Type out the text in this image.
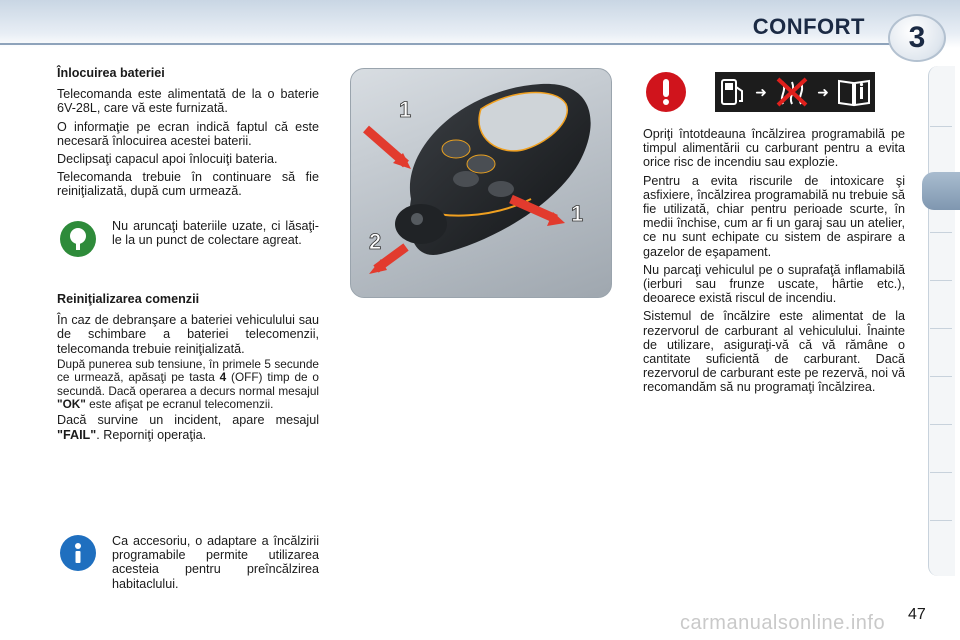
CONFORT	3

Înlocuirea bateriei

Telecomanda este alimentată de la o baterie 6V-28L, care vă este furnizată.

O informaţie pe ecran indică faptul că este necesară înlocuirea acestei baterii.

Declipsaţi capacul apoi înlocuiţi bateria.

Telecomanda trebuie în continuare să fie reiniţializată, după cum urmează.

Nu aruncaţi bateriile uzate, ci lăsaţi-le la un punct de colectare agreat.

Reiniţializarea comenzii

În caz de debranşare a bateriei vehiculului sau de schimbare a bateriei telecomenzii, telecomanda trebuie reiniţializată.

După punerea sub tensiune, în primele 5 secunde ce urmează, apăsaţi pe tasta 4 (OFF) timp de o secundă. Dacă operarea a decurs normal mesajul "OK" este afişat pe ecranul telecomenzii.

Dacă survine un incident, apare mesajul "FAIL". Reporniţi operaţia.

Ca accesoriu, o adaptare a încălzirii programabile permite utilizarea acesteia pentru preîncălzirea habitaclului.
1
1
2
➜	➜

Opriţi întotdeauna încălzirea programabilă pe timpul alimentării cu carburant pentru a evita orice risc de incendiu sau explozie.

Pentru a evita riscurile de intoxicare şi asfixiere, încălzirea programabilă nu trebuie să fie utilizată, chiar pentru perioade scurte, în medii închise, cum ar fi un garaj sau un atelier, ce nu sunt echipate cu sistem de aspirare a gazelor de eşapament.

Nu parcaţi vehiculul pe o suprafaţă inflamabilă (ierburi sau frunze uscate, hârtie etc.), deoarece există riscul de incendiu.

Sistemul de încălzire este alimentat de la rezervorul de carburant al vehiculului. Înainte de utilizare, asiguraţi-vă că vă rămâne o cantitate suficientă de carburant. Dacă rezervorul de carburant este pe rezervă, noi vă recomandăm să nu programaţi încălzirea.

carmanualsonline.info 47
